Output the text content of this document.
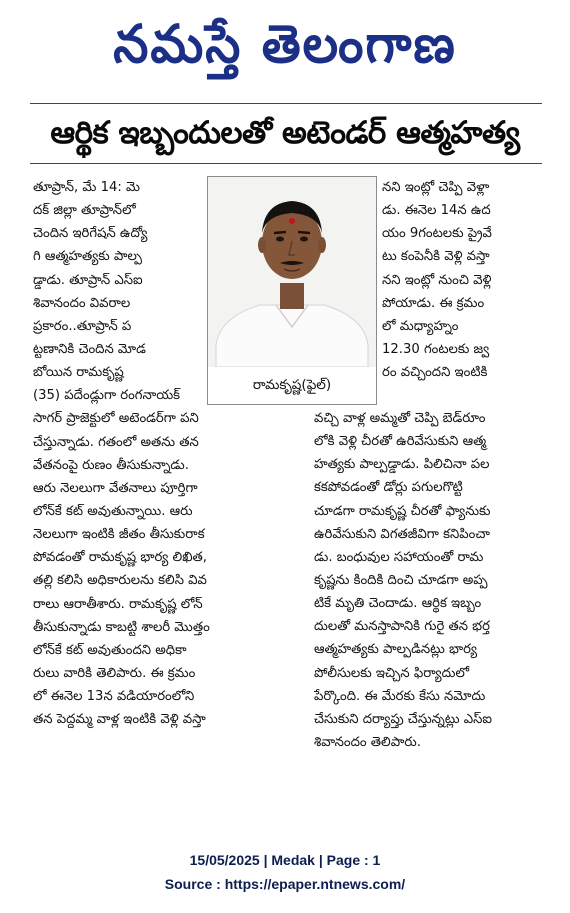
నమస్తే తెలంగాణ
ఆర్థిక ఇబ్బందులతో అటెండర్ ఆత్మహత్య
తూప్రాన్, మే 14: మె
దక్ జిల్లా తూప్రాన్‌లో
చెందిన ఇరిగేషన్ ఉద్యో
గి ఆత్మహత్యకు పాల్ప
డ్డాడు. తూప్రాన్ ఎస్ఐ
శివానందం వివరాల
ప్రకారం..తూప్రాన్ ప
ట్టణానికి చెందిన మోడ
బోయిన రామకృష్ణ
(35) పదేండ్లుగా రంగనాయక్
సాగర్ ప్రాజెక్టులో అటెండర్‌గా పని
చేస్తున్నాడు. గతంలో అతను తన
వేతనంపై రుణం తీసుకున్నాడు.
ఆరు నెలలుగా వేతనాలు పూర్తిగా
లోన్‌కే కట్ అవుతున్నాయి. ఆరు
నెలలుగా ఇంటికి జీతం తీసుకురాక
పోవడంతో రామకృష్ణ భార్య లిఖిత,
తల్లి కలిసి అధికారులను కలిసి వివ
రాలు ఆరాతీశారు. రామకృష్ణ లోన్
తీసుకున్నాడు కాబట్టి శాలరీ మొత్తం
లోన్‌కే కట్ అవుతుందని అధికా
రులు వారికి తెలిపారు. ఈ క్రమం
లో ఈనెల 13న వడియారంలోని
తన పెద్దమ్మ వాళ్ల ఇంటికి వెళ్లి వస్తా
రామకృష్ణ(ఫైల్)
నని ఇంట్లో చెప్పి వెళ్లా
డు. ఈనెల 14న ఉద
యం 9గంటలకు ప్రైవే
టు కంపెనీకి వెళ్లి వస్తా
నని ఇంట్లో నుంచి వెళ్లి
పోయాడు. ఈ క్రమం
లో మధ్యాహ్నం
12.30 గంటలకు జ్వ
రం వచ్చిందని ఇంటికి
వచ్చి వాళ్ల అమ్మతో చెప్పి బెడ్‌రూం
లోకి వెళ్లి చీరతో ఉరివేసుకుని ఆత్మ
హత్యకు పాల్పడ్డాడు. పిలిచినా పల
కకపోవడంతో డోర్లు పగులగొట్టి
చూడగా రామకృష్ణ చీరతో ఫ్యానుకు
ఉరివేసుకుని విగతజీవిగా కనిపించా
డు. బంధువుల సహాయంతో రామ
కృష్ణను కిందికి దించి చూడగా అప్ప
టికే మృతి చెందాడు. ఆర్థిక ఇబ్బం
దులతో మనస్తాపానికి గురై తన భర్త
ఆత్మహత్యకు పాల్పడినట్లు భార్య
పోలీసులకు ఇచ్చిన ఫిర్యాదులో
పేర్కొంది. ఈ మేరకు కేసు నమోదు
చేసుకుని దర్యాప్తు చేస్తున్నట్లు ఎస్ఐ
శివానందం తెలిపారు.
15/05/2025 | Medak | Page : 1
Source : https://epaper.ntnews.com/
